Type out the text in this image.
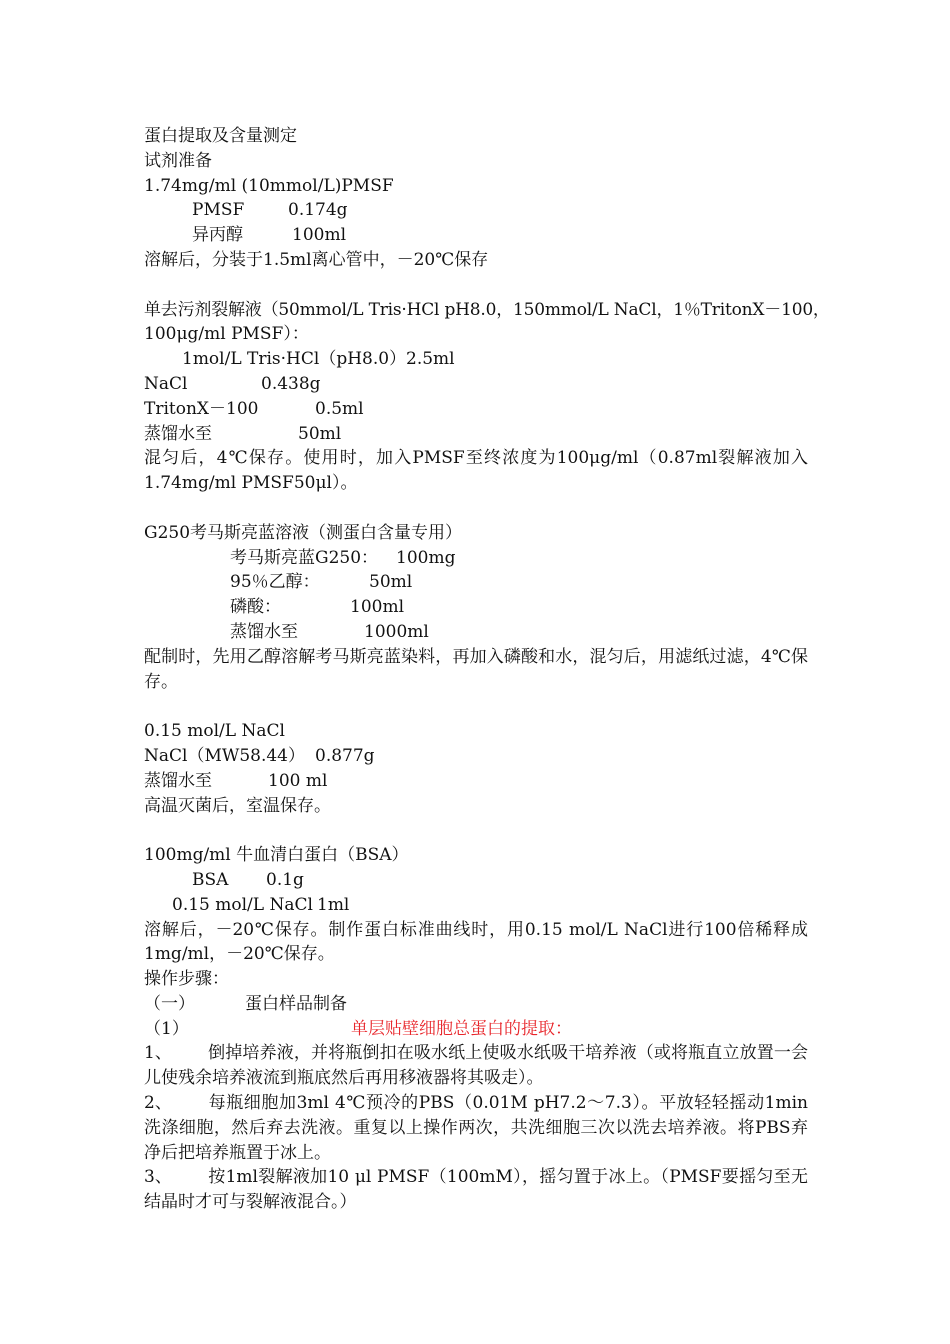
蛋白提取及含量测定

试剂准备

1.74mg/ml (10mmol/L)PMSF

PMSF	0.174g

异丙醇	100ml

溶解后，分装于1.5ml离心管中，－20℃保存

单去污剂裂解液（50mmol/L Tris·HCl pH8.0，150mmol/L NaCl，1％TritonX－100，

100μg/ml PMSF）：

1mol/L Tris·HCl（pH8.0）2.5ml

NaCl	0.438g

TritonX－100	0.5ml

蒸馏水至	50ml

混匀后，4℃保存。使用时，加入PMSF至终浓度为100μg/ml（0.87ml裂解液加入1.74mg/ml PMSF50μl）。

G250考马斯亮蓝溶液（测蛋白含量专用）

考马斯亮蓝G250： 100mg

95％乙醇：	50ml

磷酸：	100ml

蒸馏水至	1000ml

配制时，先用乙醇溶解考马斯亮蓝染料，再加入磷酸和水，混匀后，用滤纸过滤，4℃保存。

0.15 mol/L NaCl

NaCl（MW58.44） 0.877g

蒸馏水至	100 ml

高温灭菌后，室温保存。

100mg/ml 牛血清白蛋白（BSA）

BSA 0.1g

0.15 mol/L NaCl 1ml

溶解后，－20℃保存。制作蛋白标准曲线时，用0.15 mol/L NaCl进行100倍稀释成1mg/ml，－20℃保存。

操作步骤：

（一）	蛋白样品制备

（1）	单层贴壁细胞总蛋白的提取：

1、 倒掉培养液，并将瓶倒扣在吸水纸上使吸水纸吸干培养液（或将瓶直立放置一会儿使残余培养液流到瓶底然后再用移液器将其吸走）。

2、 每瓶细胞加3ml 4℃预冷的PBS（0.01M pH7.2～7.3）。平放轻轻摇动1min洗涤细胞，然后弃去洗液。重复以上操作两次，共洗细胞三次以洗去培养液。将PBS弃净后把培养瓶置于冰上。

3、 按1ml裂解液加10 μl PMSF（100mM），摇匀置于冰上。（PMSF要摇匀至无结晶时才可与裂解液混合。）
